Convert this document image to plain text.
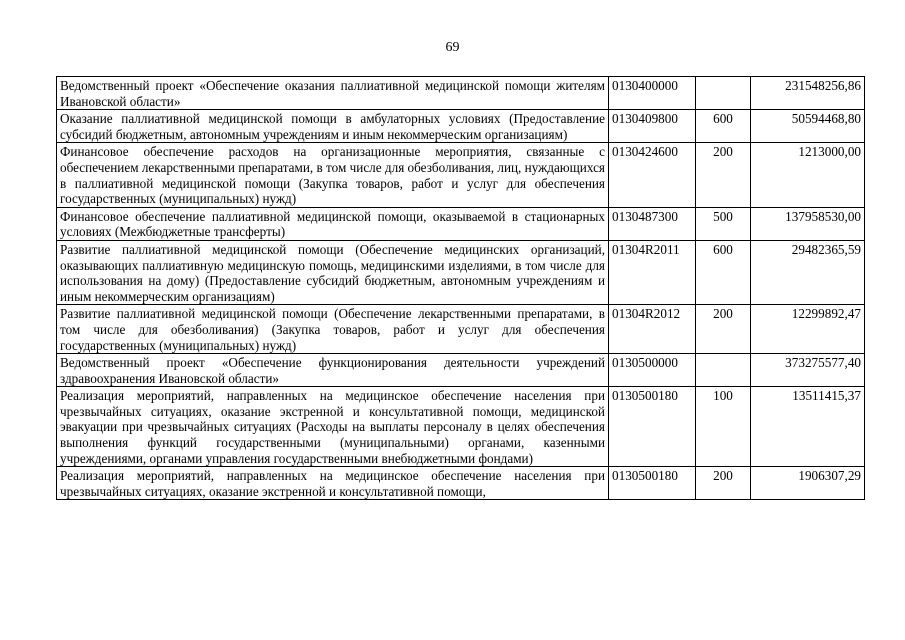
69
Ведомственный проект «Обеспечение оказания паллиативной медицинской помощи жителям Ивановской области»	0130400000		231548256,86
Оказание паллиативной медицинской помощи в амбулаторных условиях (Предоставление субсидий бюджетным, автономным учреждениям и иным некоммерческим организациям)	0130409800	600	50594468,80
Финансовое обеспечение расходов на организационные мероприятия, связанные с обеспечением лекарственными препаратами, в том числе для обезболивания, лиц, нуждающихся в паллиативной медицинской помощи (Закупка товаров, работ и услуг для обеспечения государственных (муниципальных) нужд)	0130424600	200	1213000,00
Финансовое обеспечение паллиативной медицинской помощи, оказываемой в стационарных условиях (Межбюджетные трансферты)	0130487300	500	137958530,00
Развитие паллиативной медицинской помощи (Обеспечение медицинских организаций, оказывающих паллиативную медицинскую помощь, медицинскими изделиями, в том числе для использования на дому) (Предоставление субсидий бюджетным, автономным учреждениям и иным некоммерческим организациям)	01304R2011	600	29482365,59
Развитие паллиативной медицинской помощи (Обеспечение лекарственными препаратами, в том числе для обезболивания) (Закупка товаров, работ и услуг для обеспечения государственных (муниципальных) нужд)	01304R2012	200	12299892,47
Ведомственный проект «Обеспечение функционирования деятельности учреждений здравоохранения Ивановской области»	0130500000		373275577,40
Реализация мероприятий, направленных на медицинское обеспечение населения при чрезвычайных ситуациях, оказание экстренной и консультативной помощи, медицинской эвакуации при чрезвычайных ситуациях (Расходы на выплаты персоналу в целях обеспечения выполнения функций государственными (муниципальными) органами, казенными учреждениями, органами управления государственными внебюджетными фондами)	0130500180	100	13511415,37
Реализация мероприятий, направленных на медицинское обеспечение населения при чрезвычайных ситуациях, оказание экстренной и консультативной помощи,	0130500180	200	1906307,29
